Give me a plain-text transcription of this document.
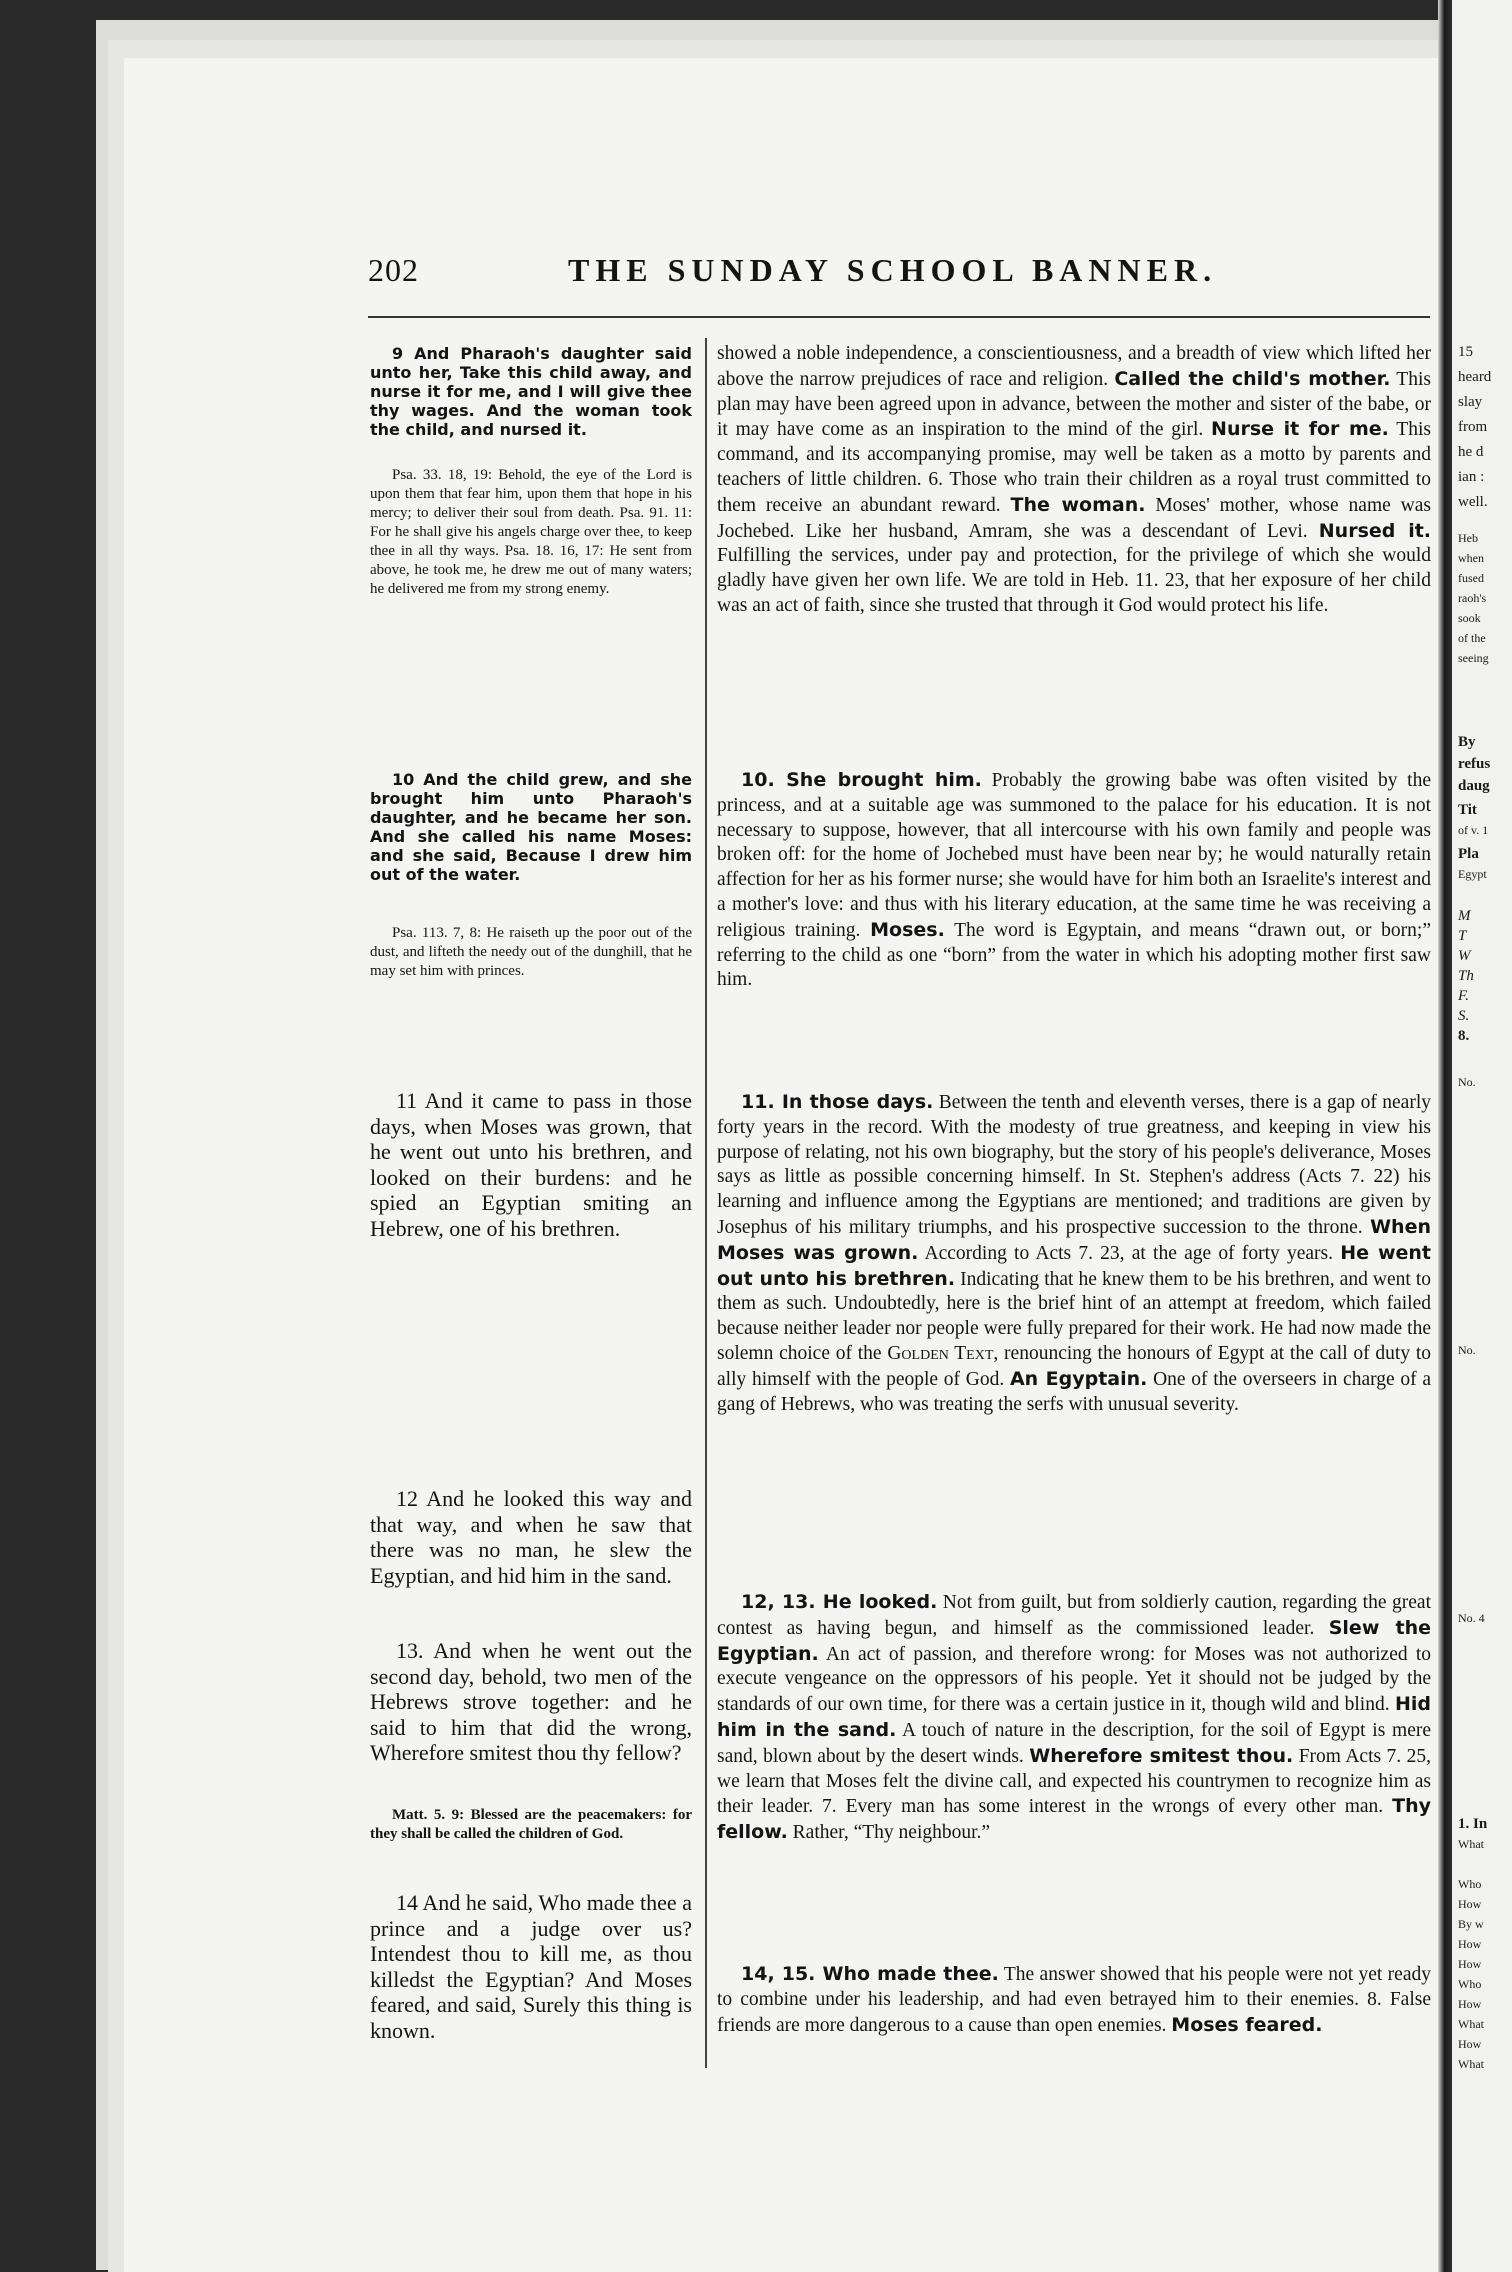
202	THE SUNDAY SCHOOL BANNER.

9 And Pharaoh's daughter said unto her, Take this child away, and nurse it for me, and I will give thee thy wages. And the woman took the child, and nursed it.

Psa. 33. 18, 19: Behold, the eye of the Lord is upon them that fear him, upon them that hope in his mercy; to deliver their soul from death. Psa. 91. 11: For he shall give his angels charge over thee, to keep thee in all thy ways. Psa. 18. 16, 17: He sent from above, he took me, he drew me out of many waters; he delivered me from my strong enemy.

10 And the child grew, and she brought him unto Pharaoh's daughter, and he became her son. And she called his name Moses: and she said, Because I drew him out of the water.

Psa. 113. 7, 8: He raiseth up the poor out of the dust, and lifteth the needy out of the dunghill, that he may set him with princes.

11 And it came to pass in those days, when Moses was grown, that he went out unto his brethren, and looked on their burdens: and he spied an Egyptian smiting an Hebrew, one of his brethren.

12 And he looked this way and that way, and when he saw that there was no man, he slew the Egyptian, and hid him in the sand.

13. And when he went out the second day, behold, two men of the Hebrews strove together: and he said to him that did the wrong, Wherefore smitest thou thy fellow?

Matt. 5. 9: Blessed are the peacemakers: for they shall be called the children of God.

14 And he said, Who made thee a prince and a judge over us? Intendest thou to kill me, as thou killedst the Egyptian? And Moses feared, and said, Surely this thing is known.

showed a noble independence, a conscientiousness, and a breadth of view which lifted her above the narrow prejudices of race and religion. Called the child's mother. This plan may have been agreed upon in advance, between the mother and sister of the babe, or it may have come as an inspiration to the mind of the girl. Nurse it for me. This command, and its accompanying promise, may well be taken as a motto by parents and teachers of little children. 6. Those who train their children as a royal trust committed to them receive an abundant reward. The woman. Moses' mother, whose name was Jochebed. Like her husband, Amram, she was a descendant of Levi. Nursed it. Fulfilling the services, under pay and protection, for the privilege of which she would gladly have given her own life. We are told in Heb. 11. 23, that her exposure of her child was an act of faith, since she trusted that through it God would protect his life.

10. She brought him. Probably the growing babe was often visited by the princess, and at a suitable age was summoned to the palace for his education. It is not necessary to suppose, however, that all intercourse with his own family and people was broken off: for the home of Jochebed must have been near by; he would naturally retain affection for her as his former nurse; she would have for him both an Israelite's interest and a mother's love: and thus with his literary education, at the same time he was receiving a religious training. Moses. The word is Egyptain, and means “drawn out, or born;” referring to the child as one “born” from the water in which his adopting mother first saw him.

11. In those days. Between the tenth and eleventh verses, there is a gap of nearly forty years in the record. With the modesty of true greatness, and keeping in view his purpose of relating, not his own biography, but the story of his people's deliverance, Moses says as little as possible concerning himself. In St. Stephen's address (Acts 7. 22) his learning and influence among the Egyptians are mentioned; and traditions are given by Josephus of his military triumphs, and his prospective succession to the throne. When Moses was grown. According to Acts 7. 23, at the age of forty years. He went out unto his brethren. Indicating that he knew them to be his brethren, and went to them as such. Undoubtedly, here is the brief hint of an attempt at freedom, which failed because neither leader nor people were fully prepared for their work. He had now made the solemn choice of the Golden Text, renouncing the honours of Egypt at the call of duty to ally himself with the people of God. An Egyptain. One of the overseers in charge of a gang of Hebrews, who was treating the serfs with unusual severity.

12, 13. He looked. Not from guilt, but from soldierly caution, regarding the great contest as having begun, and himself as the commissioned leader. Slew the Egyptian. An act of passion, and therefore wrong: for Moses was not authorized to execute vengeance on the oppressors of his people. Yet it should not be judged by the standards of our own time, for there was a certain justice in it, though wild and blind. Hid him in the sand. A touch of nature in the description, for the soil of Egypt is mere sand, blown about by the desert winds. Wherefore smitest thou. From Acts 7. 25, we learn that Moses felt the divine call, and expected his countrymen to recognize him as their leader. 7. Every man has some interest in the wrongs of every other man. Thy fellow. Rather, “Thy neighbour.”

14, 15. Who made thee. The answer showed that his people were not yet ready to combine under his leadership, and had even betrayed him to their enemies. 8. False friends are more dangerous to a cause than open enemies. Moses feared.

15
heard
slay
from
he d
ian :
well.
Heb
when
fused
raoh's
sook
of the
seeing
By
refus
daug
Tit
of v. 1
Pla
Egypt
M
T
W
Th
F.
S.
8.
No.
No.
No. 4
1. In
What
Who
How
By w
How
How
Who
How
What
How
What
